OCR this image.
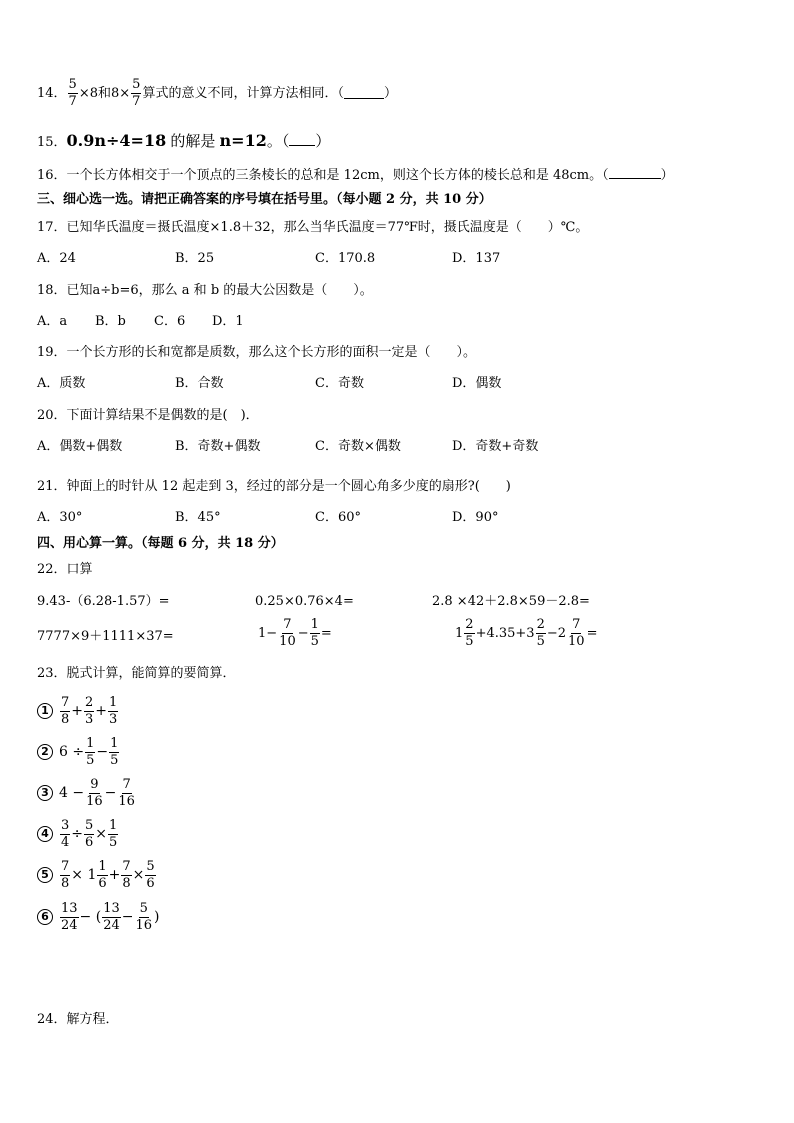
14． $\frac{5}{7} \times 8$和$8\times \frac{5}{7}$ 算式的意义不同，计算方法相同．（	）
15．0.9n÷4=18 的解是 n=12。（ ）
16．一个长方体相交于一个顶点的三条棱长的总和是 12cm，则这个长方体的棱长总和是 48cm。（	）
三、细心选一选。请把正确答案的序号填在括号里。（每小题 2 分，共 10 分）
17．已知华氏温度＝摄氏温度×1.8＋32，那么当华氏温度＝77℉时，摄氏温度是（　　）℃。
A．24	B．25	C．170.8	D．137
18．已知a÷b=6，那么 a 和 b 的最大公因数是（　　）。
A．a B．b C．6 D．1
19．一个长方形的长和宽都是质数，那么这个长方形的面积一定是（　　）。
A．质数	B．合数	C．奇数	D．偶数
20．下面计算结果不是偶数的是(　)．
A．偶数+偶数	B．奇数+偶数	C．奇数×偶数	D．奇数+奇数
21．钟面上的时针从 12 起走到 3，经过的部分是一个圆心角多少度的扇形?(　　)
A．30°	B．45°	C．60°	D．90°
四、用心算一算。（每题 6 分，共 18 分）
22．口算
9.43-（6.28-1.57）=	0.25×0.76×4=	2.8 ×42＋2.8×59－2.8=
7777×9＋1111×37=	$1- \frac{7}{10} - \frac{1}{5}$ =	$1 \frac{2}{5} +4.35+3 \frac{2}{5} -2 \frac{7}{10}$ =
23．脱式计算，能简算的要简算．
$1 \frac{7}{8} + \frac{2}{3} + \frac{1}{3}$
2 $6 \div \frac{1}{5} - \frac{1}{5}$
3 $4 - \frac{9}{16} - \frac{7}{16}$
$4 \frac{3}{4} \div \frac{5}{6} \times \frac{1}{5}$
$5 \frac{7}{8} \times 1 \frac{1}{6} + \frac{7}{8} \times \frac{5}{6}$
$6 \frac{13}{24}$ − ( $\frac{13}{24} - \frac{5}{16}$ )
24．解方程．
